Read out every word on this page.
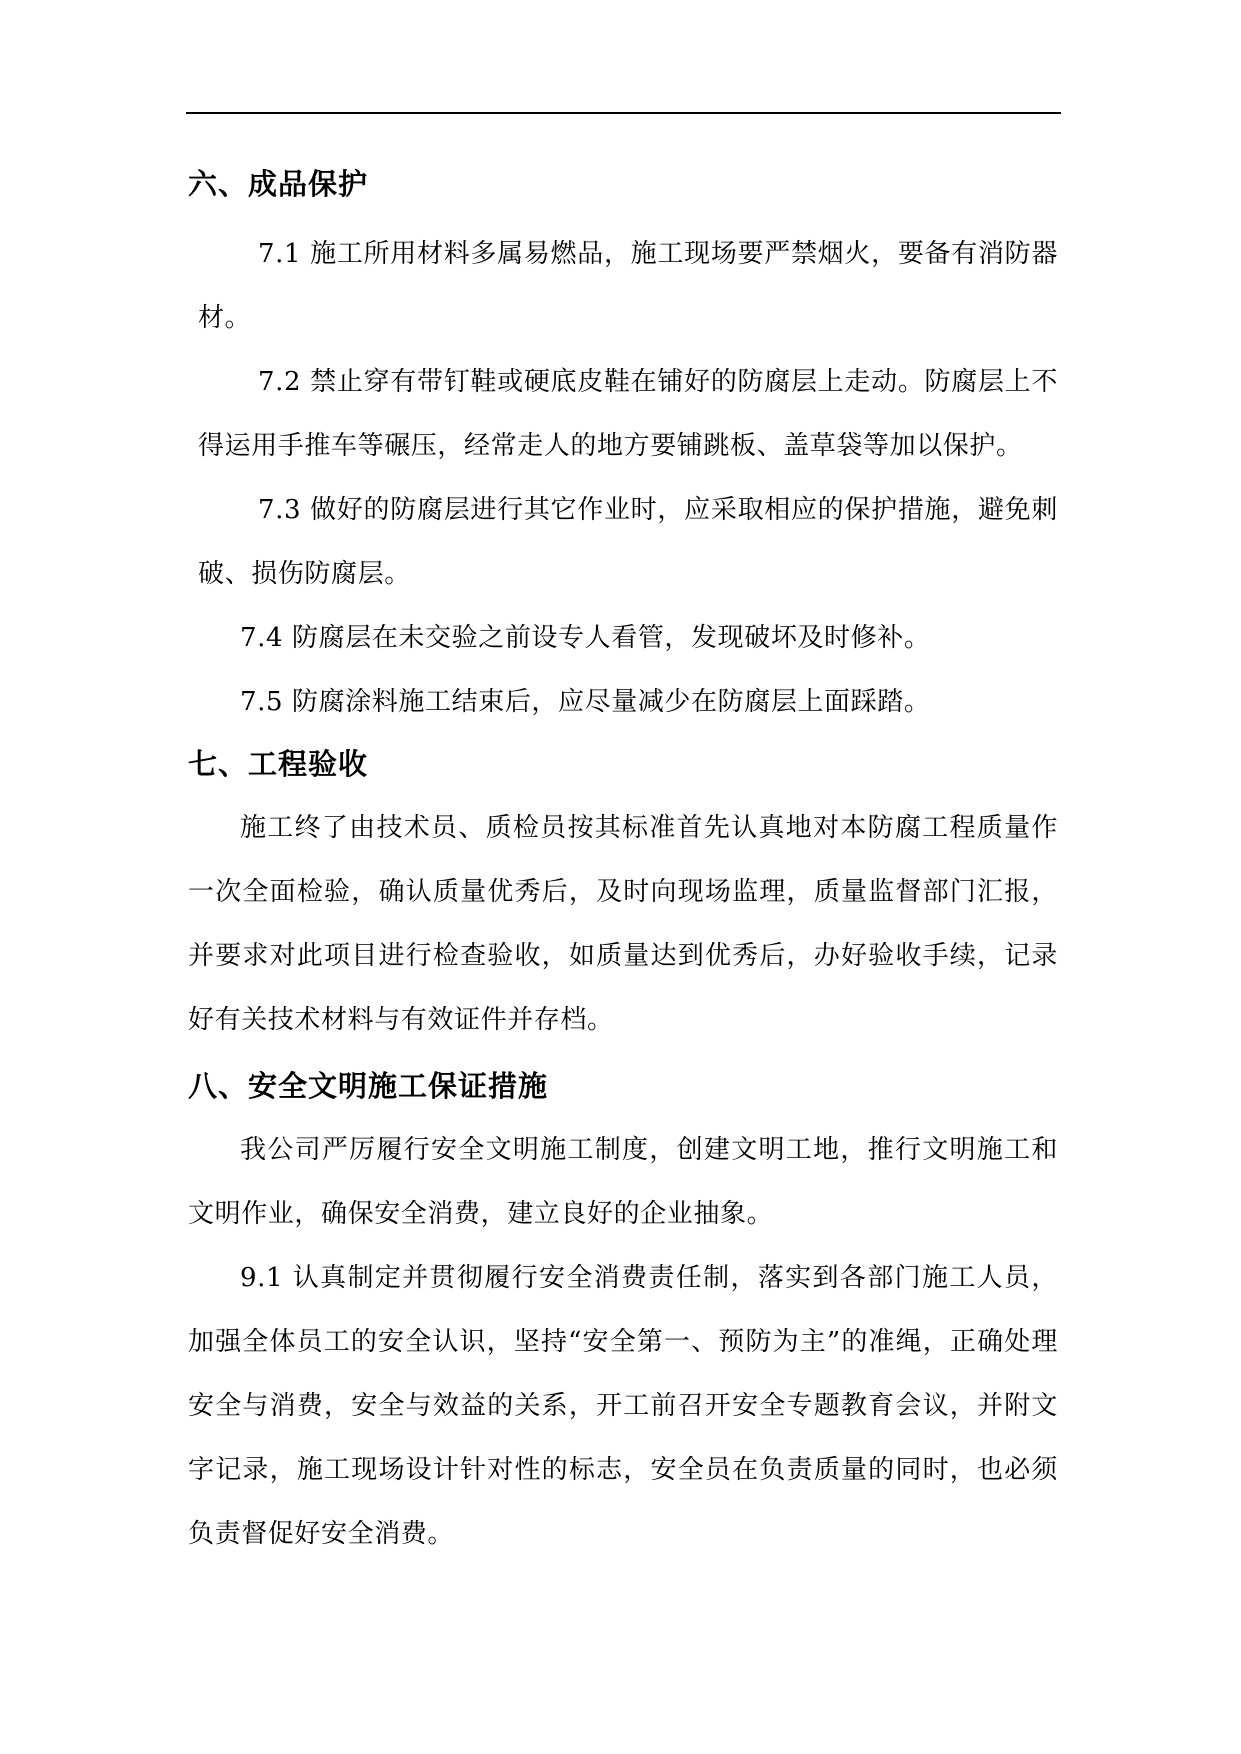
六、成品保护

7.1 施工所用材料多属易燃品，施工现场要严禁烟火，要备有消防器材。

7.2 禁止穿有带钉鞋或硬底皮鞋在铺好的防腐层上走动。防腐层上不得运用手推车等碾压，经常走人的地方要铺跳板、盖草袋等加以保护。

7.3 做好的防腐层进行其它作业时，应采取相应的保护措施，避免刺破、损伤防腐层。

7.4 防腐层在未交验之前设专人看管，发现破坏及时修补。

7.5 防腐涂料施工结束后，应尽量减少在防腐层上面踩踏。

七、工程验收

施工终了由技术员、质检员按其标准首先认真地对本防腐工程质量作一次全面检验，确认质量优秀后，及时向现场监理，质量监督部门汇报，并要求对此项目进行检查验收，如质量达到优秀后，办好验收手续，记录好有关技术材料与有效证件并存档。

八、安全文明施工保证措施

我公司严厉履行安全文明施工制度，创建文明工地，推行文明施工和文明作业，确保安全消费，建立良好的企业抽象。

9.1 认真制定并贯彻履行安全消费责任制，落实到各部门施工人员，加强全体员工的安全认识，坚持“安全第一、预防为主”的准绳，正确处理安全与消费，安全与效益的关系，开工前召开安全专题教育会议，并附文字记录，施工现场设计针对性的标志，安全员在负责质量的同时，也必须负责督促好安全消费。
